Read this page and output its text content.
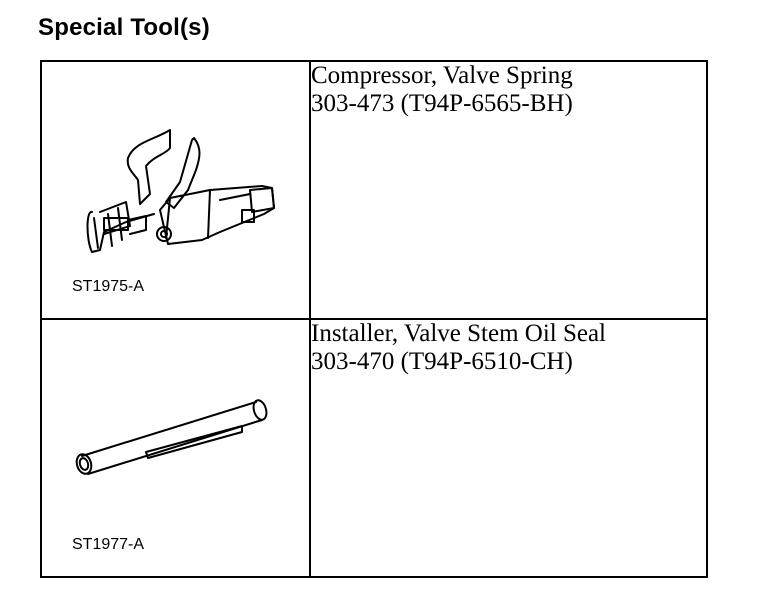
Special Tool(s)
ST1975-A	Compressor, Valve Spring
303-473 (T94P-6565-BH)

ST1977-A	Installer, Valve Stem Oil Seal
303-470 (T94P-6510-CH)
